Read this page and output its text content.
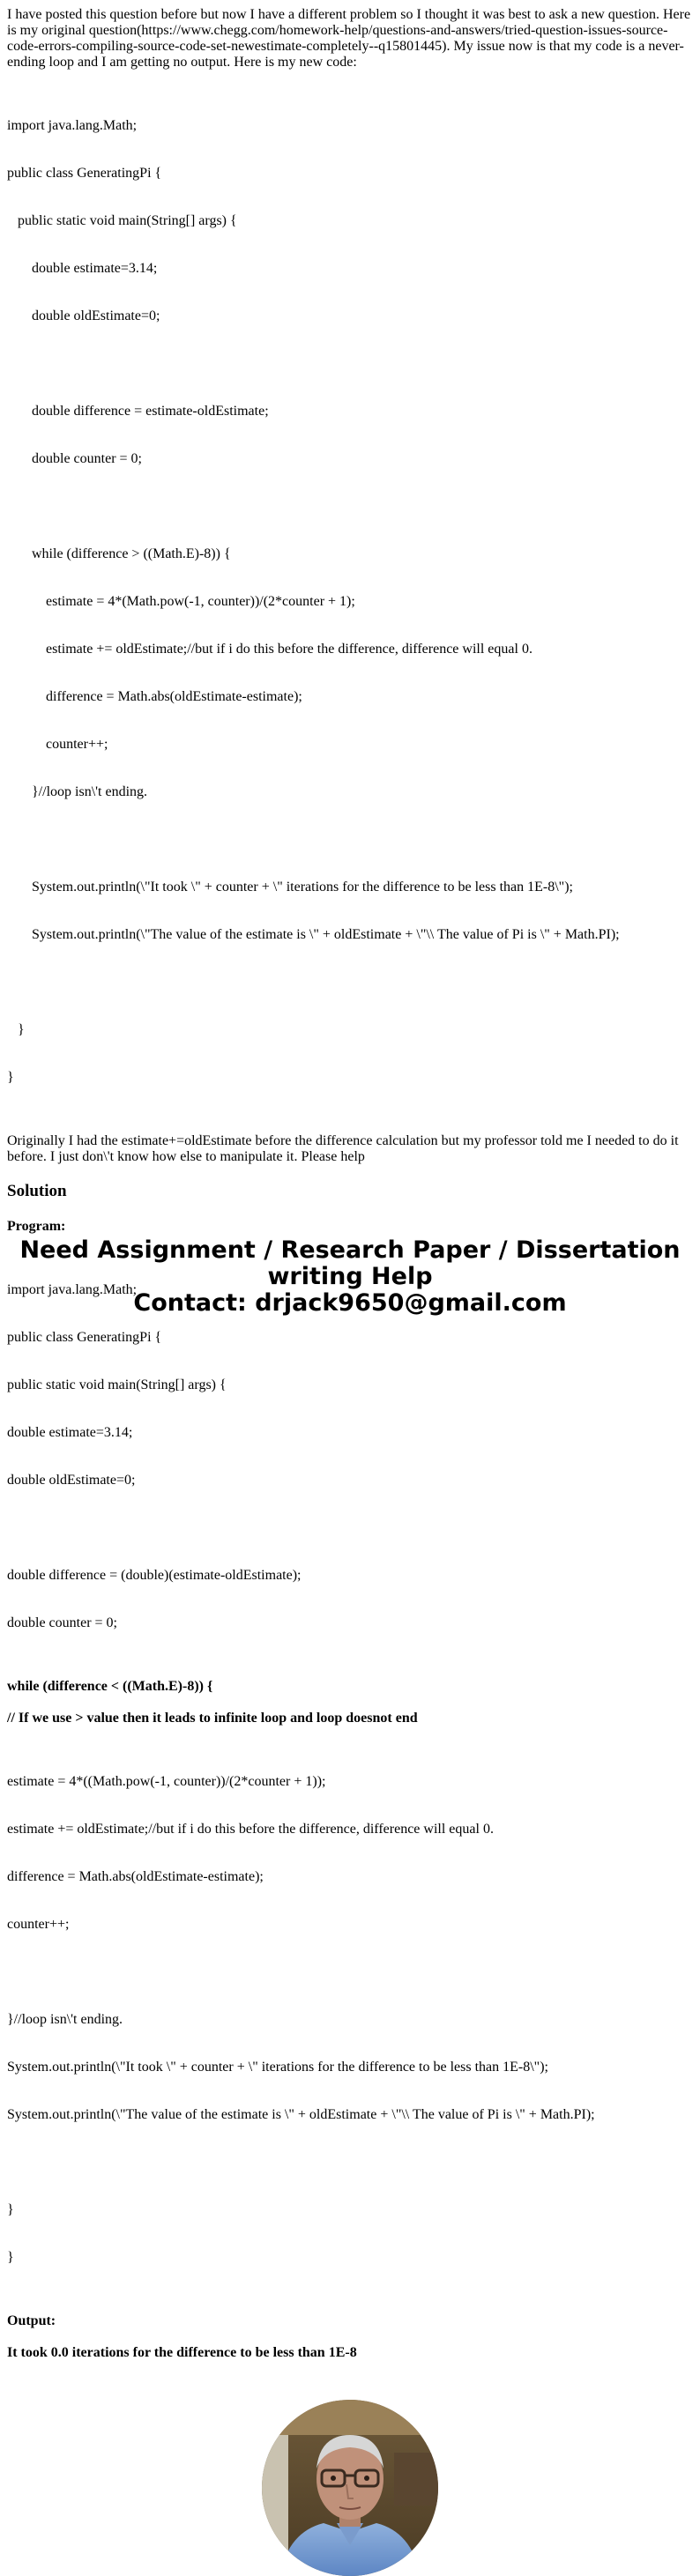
I have posted this question before but now I have a different problem so I thought it was best to ask a new question. Here is my original question(https://www.chegg.com/homework-help/questions-and-answers/tried-question-issues-source-code-errors-compiling-source-code-set-newestimate-completely--q15801445). My issue now is that my code is a never-ending loop and I am getting no output. Here is my new code:

import java.lang.Math;

public class GeneratingPi {

public static void main(String[] args) {

double estimate=3.14;

double oldEstimate=0;

double difference = estimate-oldEstimate;

double counter = 0;

while (difference > ((Math.E)-8)) {

estimate = 4*(Math.pow(-1, counter))/(2*counter + 1);

estimate += oldEstimate;//but if i do this before the difference, difference will equal 0.

difference = Math.abs(oldEstimate-estimate);

counter++;

}//loop isn\'t ending.

System.out.println(\"It took \" + counter + \" iterations for the difference to be less than 1E-8\");

System.out.println(\"The value of the estimate is \" + oldEstimate + \"\\ The value of Pi is \" + Math.PI);

}

}

Originally I had the estimate+=oldEstimate before the difference calculation but my professor told me I needed to do it before. I just don\'t know how else to manipulate it. Please help

Solution

Program:

import java.lang.Math;

public class GeneratingPi {

public static void main(String[] args) {

double estimate=3.14;

double oldEstimate=0;

double difference = (double)(estimate-oldEstimate);

double counter = 0;

while (difference < ((Math.E)-8)) {

// If we use > value then it leads to infinite loop and loop doesnot end

estimate = 4*((Math.pow(-1, counter))/(2*counter + 1));

estimate += oldEstimate;//but if i do this before the difference, difference will equal 0.

difference = Math.abs(oldEstimate-estimate);

counter++;

}//loop isn\'t ending.

System.out.println(\"It took \" + counter + \" iterations for the difference to be less than 1E-8\");

System.out.println(\"The value of the estimate is \" + oldEstimate + \"\\ The value of Pi is \" + Math.PI);

}

}

Output:

It took 0.0 iterations for the difference to be less than 1E-8

Need Assignment / Research Paper / Dissertation
writing Help
Contact: drjack9650@gmail.com
